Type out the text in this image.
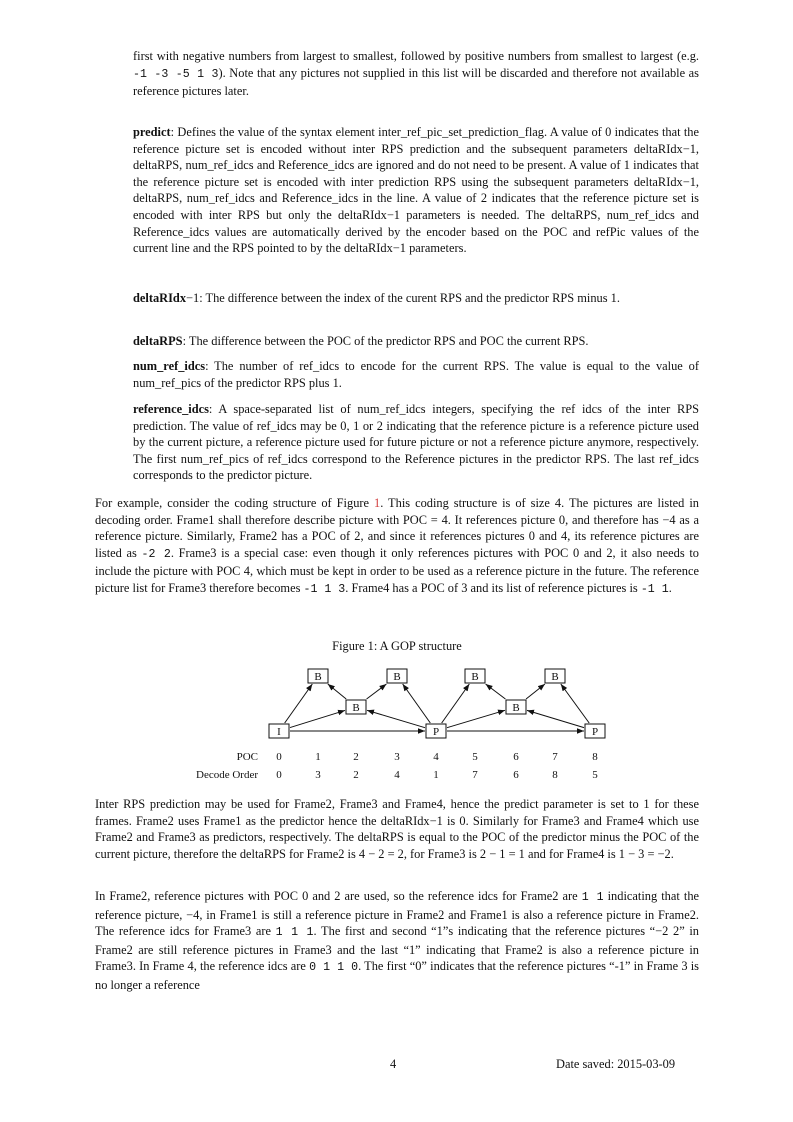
first with negative numbers from largest to smallest, followed by positive numbers from smallest to largest (e.g. -1 -3 -5 1 3). Note that any pictures not supplied in this list will be discarded and therefore not available as reference pictures later.
predict: Defines the value of the syntax element inter_ref_pic_set_prediction_flag. A value of 0 indicates that the reference picture set is encoded without inter RPS prediction and the subsequent parameters deltaRIdx−1, deltaRPS, num_ref_idcs and Reference_idcs are ignored and do not need to be present. A value of 1 indicates that the reference picture set is encoded with inter prediction RPS using the subsequent parameters deltaRIdx−1, deltaRPS, num_ref_idcs and Reference_idcs in the line. A value of 2 indicates that the reference picture set is encoded with inter RPS but only the deltaRIdx−1 parameters is needed. The deltaRPS, num_ref_idcs and Reference_idcs values are automatically derived by the encoder based on the POC and refPic values of the current line and the RPS pointed to by the deltaRIdx−1 parameters.
deltaRIdx−1: The difference between the index of the curent RPS and the predictor RPS minus 1.
deltaRPS: The difference between the POC of the predictor RPS and POC the current RPS.
num_ref_idcs: The number of ref_idcs to encode for the current RPS. The value is equal to the value of num_ref_pics of the predictor RPS plus 1.
reference_idcs: A space-separated list of num_ref_idcs integers, specifying the ref idcs of the inter RPS prediction. The value of ref_idcs may be 0, 1 or 2 indicating that the reference picture is a reference picture used by the current picture, a reference picture used for future picture or not a reference picture anymore, respectively. The first num_ref_pics of ref_idcs correspond to the Reference pictures in the predictor RPS. The last ref_idcs corresponds to the predictor picture.
For example, consider the coding structure of Figure 1. This coding structure is of size 4. The pictures are listed in decoding order. Frame1 shall therefore describe picture with POC = 4. It references picture 0, and therefore has −4 as a reference picture. Similarly, Frame2 has a POC of 2, and since it references pictures 0 and 4, its reference pictures are listed as -2 2. Frame3 is a special case: even though it only references pictures with POC 0 and 2, it also needs to include the picture with POC 4, which must be kept in order to be used as a reference picture in the future. The reference picture list for Frame3 therefore becomes -1 1 3. Frame4 has a POC of 3 and its list of reference pictures is -1 1.
Figure 1: A GOP structure
I
B
B
B
P
B
B
B
P
POC
Decode Order
0
0
1
3
2
2
3
4
4
1
5
7
6
6
7
8
8
5
Inter RPS prediction may be used for Frame2, Frame3 and Frame4, hence the predict parameter is set to 1 for these frames. Frame2 uses Frame1 as the predictor hence the deltaRIdx−1 is 0. Similarly for Frame3 and Frame4 which use Frame2 and Frame3 as predictors, respectively. The deltaRPS is equal to the POC of the predictor minus the POC of the current picture, therefore the deltaRPS for Frame2 is 4 − 2 = 2, for Frame3 is 2 − 1 = 1 and for Frame4 is 1 − 3 = −2.
In Frame2, reference pictures with POC 0 and 2 are used, so the reference idcs for Frame2 are 1 1 indicating that the reference picture, −4, in Frame1 is still a reference picture in Frame2 and Frame1 is also a reference picture in Frame2. The reference idcs for Frame3 are 1 1 1. The first and second “1”s indicating that the reference pictures “−2 2” in Frame2 are still reference pictures in Frame3 and the last “1” indicating that Frame2 is also a reference picture in Frame3. In Frame 4, the reference idcs are 0 1 1 0. The first “0” indicates that the reference pictures “-1” in Frame 3 is no longer a reference
4	Date saved: 2015-03-09
